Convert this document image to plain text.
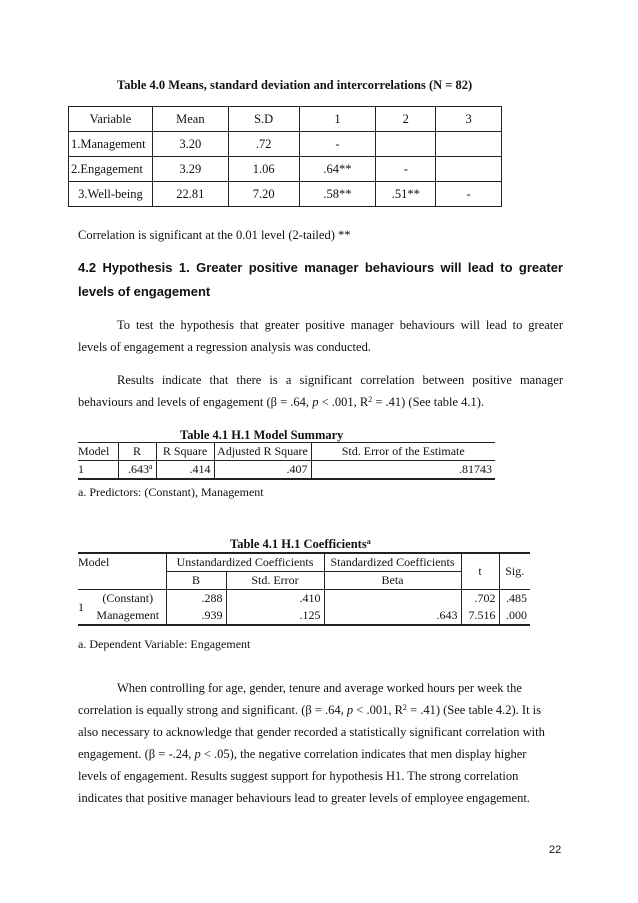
Table 4.0 Means, standard deviation and intercorrelations (N = 82)
Variable	Mean	S.D	1	2	3
1.Management	3.20	.72	-		
2.Engagement	3.29	1.06	.64**	-	
3.Well-being	22.81	7.20	.58**	.51**	-
Correlation is significant at the 0.01 level (2-tailed) **
4.2 Hypothesis 1. Greater positive manager behaviours will lead to greater
levels of engagement
To test the hypothesis that greater positive manager behaviours will lead to greater
levels of engagement a regression analysis was conducted.
Results indicate that there is a significant correlation between positive manager
behaviours and levels of engagement (β = .64, p < .001, $R^2 = .41$) (See table 4.1).
Table 4.1 H.1 Model Summary
Model	R	R Square	Adjusted R Square	Std. Error of the Estimate
1	.643$^a$	.414	.407	.81743
a. Predictors: (Constant), Management
Table 4.1 H.1 Coefficients$^a$
Model		Unstandardized Coefficients		Standardized Coefficients	t	Sig.
		B	Std. Error	Beta		
1	(Constant)	.288	.410		.702	.485
	Management	.939	.125	.643	7.516	.000
a. Dependent Variable: Engagement
When controlling for age, gender, tenure and average worked hours per week the
correlation is equally strong and significant. (β = .64, p < .001, $R^2 = .41$) (See table 4.2). It is
also necessary to acknowledge that gender recorded a statistically significant correlation with
engagement. (β = -.24, p < .05), the negative correlation indicates that men display higher
levels of engagement. Results suggest support for hypothesis H1. The strong correlation
indicates that positive manager behaviours lead to greater levels of employee engagement.
22
